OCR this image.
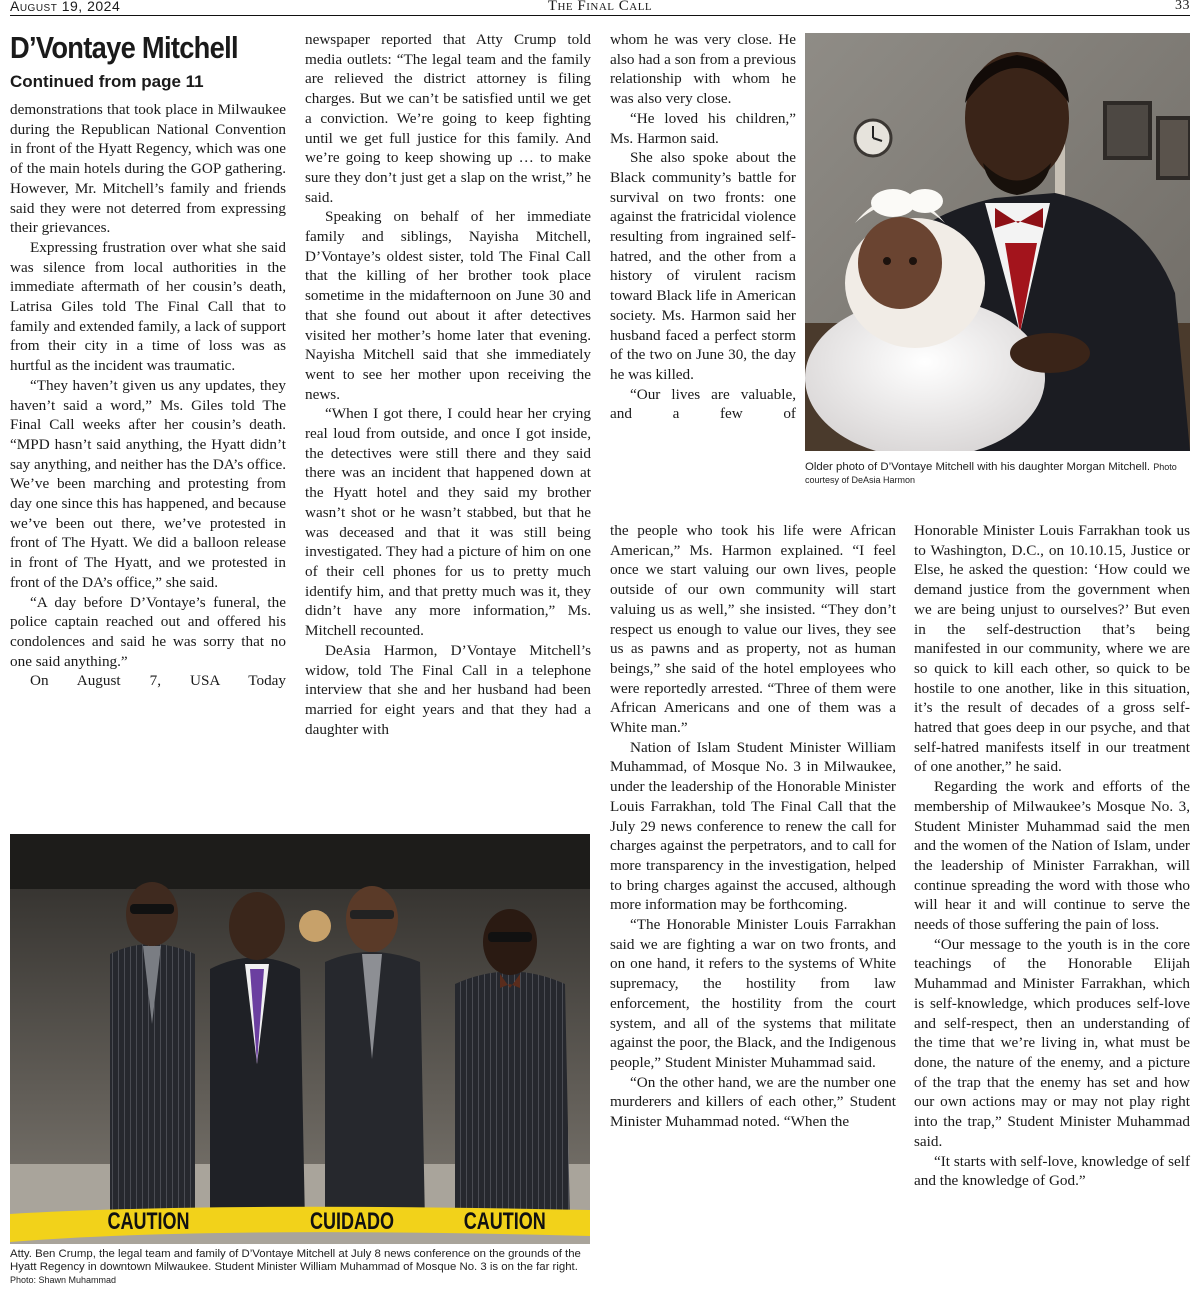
August 19, 2024	The Final Call	33
D’Vontaye Mitchell
Continued from page 11

demonstrations that took place in Milwaukee during the Republican National Convention in front of the Hyatt Regency, which was one of the main hotels during the GOP gathering. However, Mr. Mitchell’s family and friends said they were not deterred from expressing their grievances.

Expressing frustration over what she said was silence from local authorities in the immediate aftermath of her cousin’s death, Latrisa Giles told The Final Call that to family and extended family, a lack of support from their city in a time of loss was as hurtful as the incident was traumatic.

“They haven’t given us any updates, they haven’t said a word,” Ms. Giles told The Final Call weeks after her cousin’s death. “MPD hasn’t said anything, the Hyatt didn’t say anything, and neither has the DA’s office. We’ve been marching and protesting from day one since this has happened, and because we’ve been out there, we’ve protested in front of The Hyatt. We did a balloon release in front of The Hyatt, and we protested in front of the DA’s office,” she said.

“A day before D’Vontaye’s funeral, the police captain reached out and offered his condolences and said he was sorry that no one said anything.”

On August 7, USA Today

newspaper reported that Atty Crump told media outlets: “The legal team and the family are relieved the district attorney is filing charges. But we can’t be satisfied until we get a conviction. We’re going to keep fighting until we get full justice for this family. And we’re going to keep showing up … to make sure they don’t just get a slap on the wrist,” he said.

Speaking on behalf of her immediate family and siblings, Nayisha Mitchell, D’Vontaye’s oldest sister, told The Final Call that the killing of her brother took place sometime in the midafternoon on June 30 and that she found out about it after detectives visited her mother’s home later that evening. Nayisha Mitchell said that she immediately went to see her mother upon receiving the news.

“When I got there, I could hear her crying real loud from outside, and once I got inside, the detectives were still there and they said there was an incident that happened down at the Hyatt hotel and they said my brother wasn’t shot or he wasn’t stabbed, but that he was deceased and that it was still being investigated. They had a picture of him on one of their cell phones for us to pretty much identify him, and that pretty much was it, they didn’t have any more information,” Ms. Mitchell recounted.

DeAsia Harmon, D’Vontaye Mitchell’s widow, told The Final Call in a telephone interview that she and her husband had been married for eight years and that they had a daughter with

whom he was very close. He also had a son from a previous relationship with whom he was also very close.

“He loved his children,” Ms. Harmon said.

She also spoke about the Black community’s battle for survival on two fronts: one against the fratricidal violence resulting from ingrained self-hatred, and the other from a history of virulent racism toward Black life in American society. Ms. Harmon said her husband faced a perfect storm of the two on June 30, the day he was killed.

“Our lives are valuable, and a few of

the people who took his life were African American,” Ms. Harmon explained. “I feel once we start valuing our own lives, people outside of our own community will start valuing us as well,” she insisted. “They don’t respect us enough to value our lives, they see us as pawns and as property, not as human beings,” she said of the hotel employees who were reportedly arrested. “Three of them were African Americans and one of them was a White man.”

Nation of Islam Student Minister William Muhammad, of Mosque No. 3 in Milwaukee, under the leadership of the Honorable Minister Louis Farrakhan, told The Final Call that the July 29 news conference to renew the call for charges against the perpetrators, and to call for more transparency in the investigation, helped to bring charges against the accused, although more information may be forthcoming.

“The Honorable Minister Louis Farrakhan said we are fighting a war on two fronts, and on one hand, it refers to the systems of White supremacy, the hostility from law enforcement, the hostility from the court system, and all of the systems that militate against the poor, the Black, and the Indigenous people,” Student Minister Muhammad said.

“On the other hand, we are the number one murderers and killers of each other,” Student Minister Muhammad noted. “When the

Honorable Minister Louis Farrakhan took us to Washington, D.C., on 10.10.15, Justice or Else, he asked the question: ‘How could we demand justice from the government when we are being unjust to ourselves?’ But even in the self-destruction that’s being manifested in our community, where we are so quick to kill each other, so quick to be hostile to one another, like in this situation, it’s the result of decades of a gross self-hatred that goes deep in our psyche, and that self-hatred manifests itself in our treatment of one another,” he said.

Regarding the work and efforts of the membership of Milwaukee’s Mosque No. 3, Student Minister Muhammad said the men and the women of the Nation of Islam, under the leadership of Minister Farrakhan, will continue spreading the word with those who will hear it and will continue to serve the needs of those suffering the pain of loss.

“Our message to the youth is in the core teachings of the Honorable Elijah Muhammad and Minister Farrakhan, which is self-knowledge, which produces self-love and self-respect, then an understanding of the time that we’re living in, what must be done, the nature of the enemy, and a picture of the trap that the enemy has set and how our own actions may or may not play right into the trap,” Student Minister Muhammad said.

“It starts with self-love, knowledge of self and the knowledge of God.”

Older photo of D’Vontaye Mitchell with his daughter Morgan Mitchell. Photo courtesy of DeAsia Harmon
CAUTION	CUIDADO	CAUTION
Atty. Ben Crump, the legal team and family of D’Vontaye Mitchell at July 8 news conference on the grounds of the Hyatt Regency in downtown Milwaukee. Student Minister William Muhammad of Mosque No. 3 is on the far right. Photo: Shawn Muhammad
